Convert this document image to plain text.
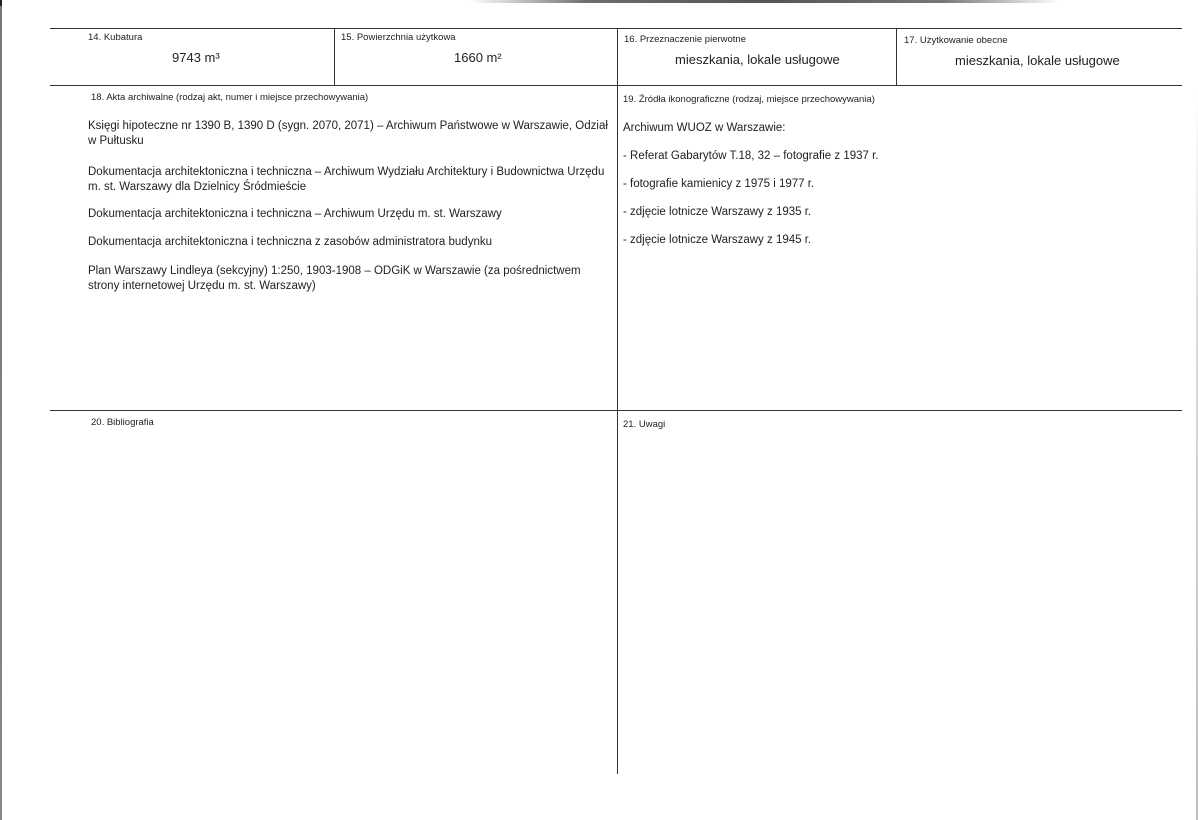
14. Kubatura
9743 m³
15. Powierzchnia użytkowa
1660 m²
16. Przeznaczenie pierwotne
mieszkania, lokale usługowe
17. Użytkowanie obecne
mieszkania, lokale usługowe
18. Akta archiwalne (rodzaj akt, numer i miejsce przechowywania)
Księgi hipoteczne nr 1390 B, 1390 D (sygn. 2070, 2071) – Archiwum Państwowe w Warszawie, Odział w Pułtusku
Dokumentacja architektoniczna i techniczna – Archiwum Wydziału Architektury i Budownictwa Urzędu m. st. Warszawy dla Dzielnicy Śródmieście
Dokumentacja architektoniczna i techniczna – Archiwum Urzędu m. st. Warszawy
Dokumentacja architektoniczna i techniczna z zasobów administratora budynku
Plan Warszawy Lindleya (sekcyjny) 1:250, 1903-1908 – ODGiK w Warszawie (za pośrednictwem strony internetowej Urzędu m. st. Warszawy)
19. Źródła ikonograficzne (rodzaj, miejsce przechowywania)
Archiwum WUOZ w Warszawie:
- Referat Gabarytów T.18, 32 – fotografie z 1937 r.
- fotografie kamienicy z 1975 i 1977 r.
- zdjęcie lotnicze Warszawy z 1935 r.
- zdjęcie lotnicze Warszawy z 1945 r.
20. Bibliografia	21. Uwagi
